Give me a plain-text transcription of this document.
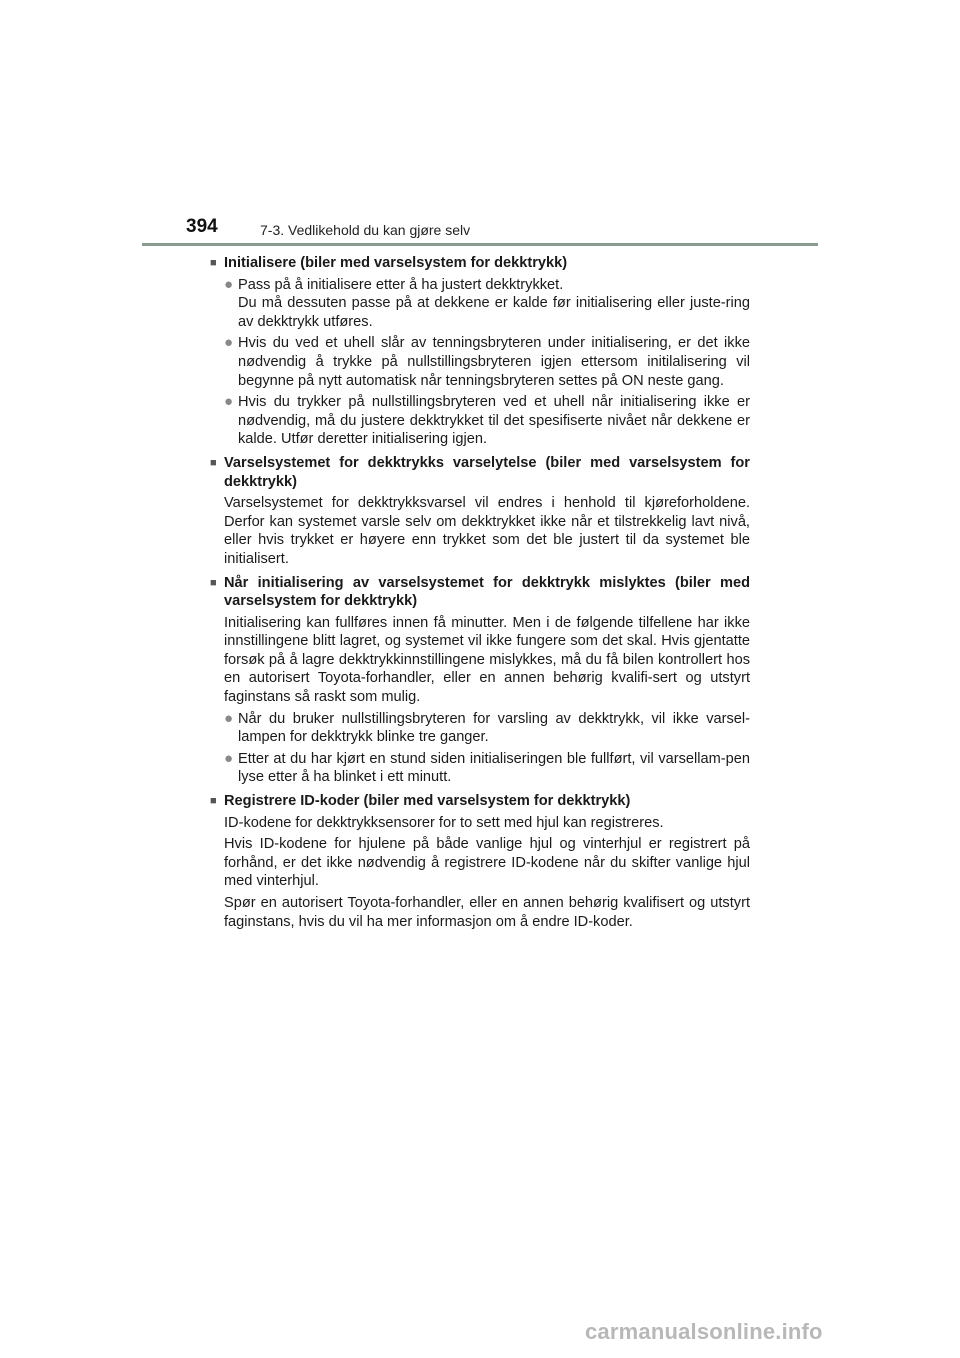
394	7-3. Vedlikehold du kan gjøre selv
■ Initialisere (biler med varselsystem for dekktrykk)
● Pass på å initialisere etter å ha justert dekktrykket.
Du må dessuten passe på at dekkene er kalde før initialisering eller juste-ring av dekktrykk utføres.
● Hvis du ved et uhell slår av tenningsbryteren under initialisering, er det ikke nødvendig å trykke på nullstillingsbryteren igjen ettersom initilalisering vil begynne på nytt automatisk når tenningsbryteren settes på ON neste gang.
● Hvis du trykker på nullstillingsbryteren ved et uhell når initialisering ikke er nødvendig, må du justere dekktrykket til det spesifiserte nivået når dekkene er kalde. Utfør deretter initialisering igjen.
■ Varselsystemet for dekktrykks varselytelse (biler med varselsystem for dekktrykk)
Varselsystemet for dekktrykksvarsel vil endres i henhold til kjøreforholdene. Derfor kan systemet varsle selv om dekktrykket ikke når et tilstrekkelig lavt nivå, eller hvis trykket er høyere enn trykket som det ble justert til da systemet ble initialisert.
■ Når initialisering av varselsystemet for dekktrykk mislyktes (biler med varselsystem for dekktrykk)
Initialisering kan fullføres innen få minutter. Men i de følgende tilfellene har ikke innstillingene blitt lagret, og systemet vil ikke fungere som det skal. Hvis gjentatte forsøk på å lagre dekktrykkinnstillingene mislykkes, må du få bilen kontrollert hos en autorisert Toyota-forhandler, eller en annen behørig kvalifi-sert og utstyrt faginstans så raskt som mulig.
● Når du bruker nullstillingsbryteren for varsling av dekktrykk, vil ikke varsel-lampen for dekktrykk blinke tre ganger.
● Etter at du har kjørt en stund siden initialiseringen ble fullført, vil varsellam-pen lyse etter å ha blinket i ett minutt.
■ Registrere ID-koder (biler med varselsystem for dekktrykk)
ID-kodene for dekktrykksensorer for to sett med hjul kan registreres.
Hvis ID-kodene for hjulene på både vanlige hjul og vinterhjul er registrert på forhånd, er det ikke nødvendig å registrere ID-kodene når du skifter vanlige hjul med vinterhjul.
Spør en autorisert Toyota-forhandler, eller en annen behørig kvalifisert og utstyrt faginstans, hvis du vil ha mer informasjon om å endre ID-koder.
carmanualsonline.info
